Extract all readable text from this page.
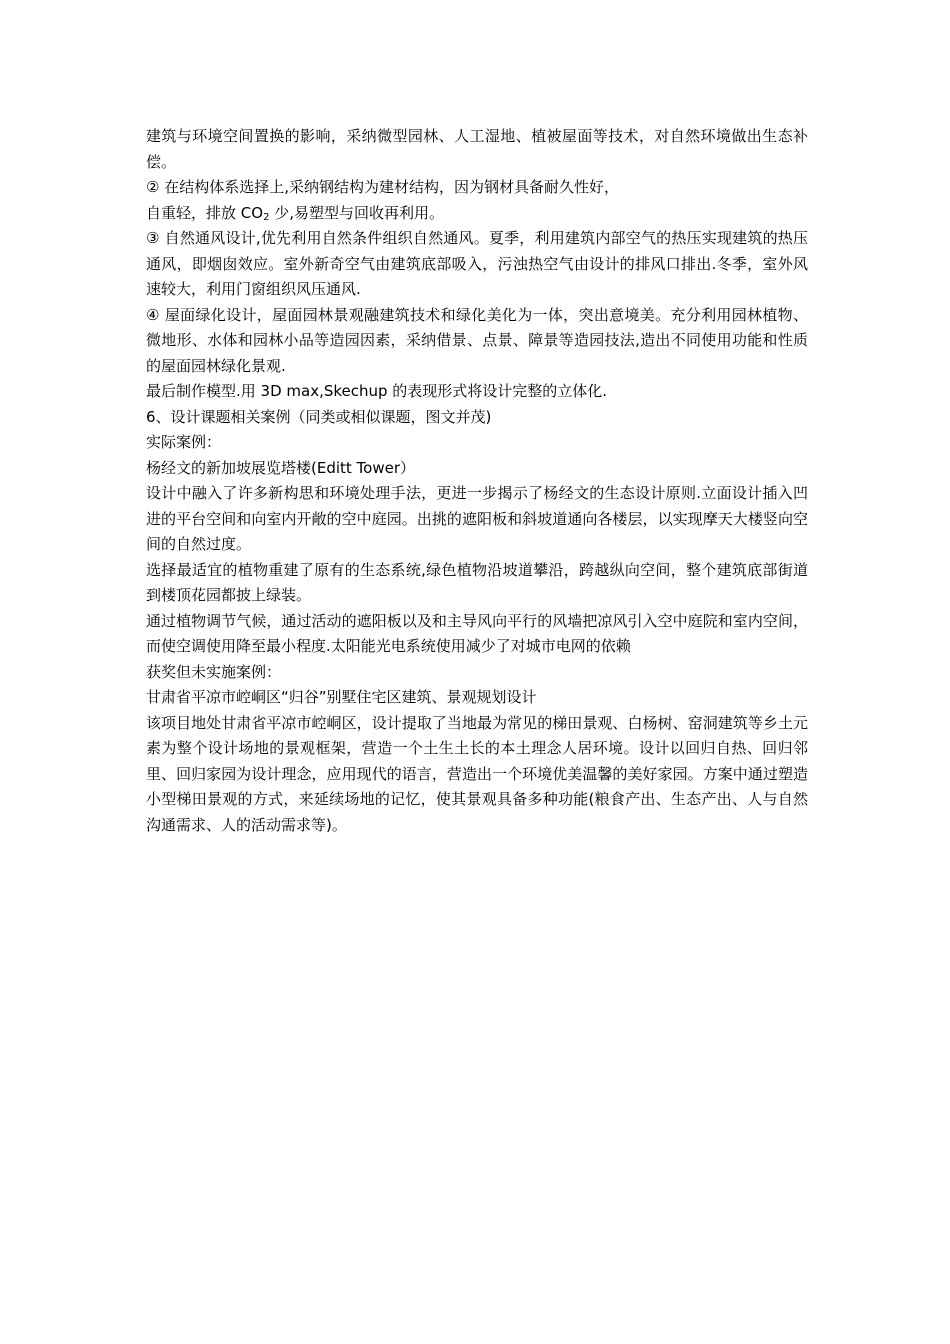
建筑与环境空间置换的影响，采纳微型园林、人工湿地、植被屋面等技术，对自然环境做出生态补偿。

② 在结构体系选择上,采纳钢结构为建材结构，因为钢材具备耐久性好，

自重轻，排放 $CO_2$ 少,易塑型与回收再利用。

③ 自然通风设计,优先利用自然条件组织自然通风。夏季，利用建筑内部空气的热压实现建筑的热压通风，即烟囱效应。室外新奇空气由建筑底部吸入，污浊热空气由设计的排风口排出.冬季，室外风速较大，利用门窗组织风压通风.

④ 屋面绿化设计，屋面园林景观融建筑技术和绿化美化为一体，突出意境美。充分利用园林植物、微地形、水体和园林小品等造园因素，采纳借景、点景、障景等造园技法,造出不同使用功能和性质的屋面园林绿化景观.

最后制作模型.用 3D max,Skechup 的表现形式将设计完整的立体化.

6、设计课题相关案例（同类或相似课题，图文并茂)

实际案例：

杨经文的新加坡展览塔楼(Editt Tower）

设计中融入了许多新构思和环境处理手法，更进一步揭示了杨经文的生态设计原则.立面设计插入凹进的平台空间和向室内开敞的空中庭园。出挑的遮阳板和斜坡道通向各楼层，以实现摩天大楼竖向空间的自然过度。

选择最适宜的植物重建了原有的生态系统,绿色植物沿坡道攀沿，跨越纵向空间，整个建筑底部街道到楼顶花园都披上绿装。

通过植物调节气候，通过活动的遮阳板以及和主导风向平行的风墙把凉风引入空中庭院和室内空间，而使空调使用降至最小程度.太阳能光电系统使用减少了对城市电网的依赖

获奖但未实施案例：

甘肃省平凉市崆峒区“归谷”别墅住宅区建筑、景观规划设计

该项目地处甘肃省平凉市崆峒区，设计提取了当地最为常见的梯田景观、白杨树、窑洞建筑等乡土元素为整个设计场地的景观框架，营造一个土生土长的本土理念人居环境。设计以回归自热、回归邻里、回归家园为设计理念，应用现代的语言，营造出一个环境优美温馨的美好家园。方案中通过塑造小型梯田景观的方式，来延续场地的记忆，使其景观具备多种功能(粮食产出、生态产出、人与自然沟通需求、人的活动需求等)。
